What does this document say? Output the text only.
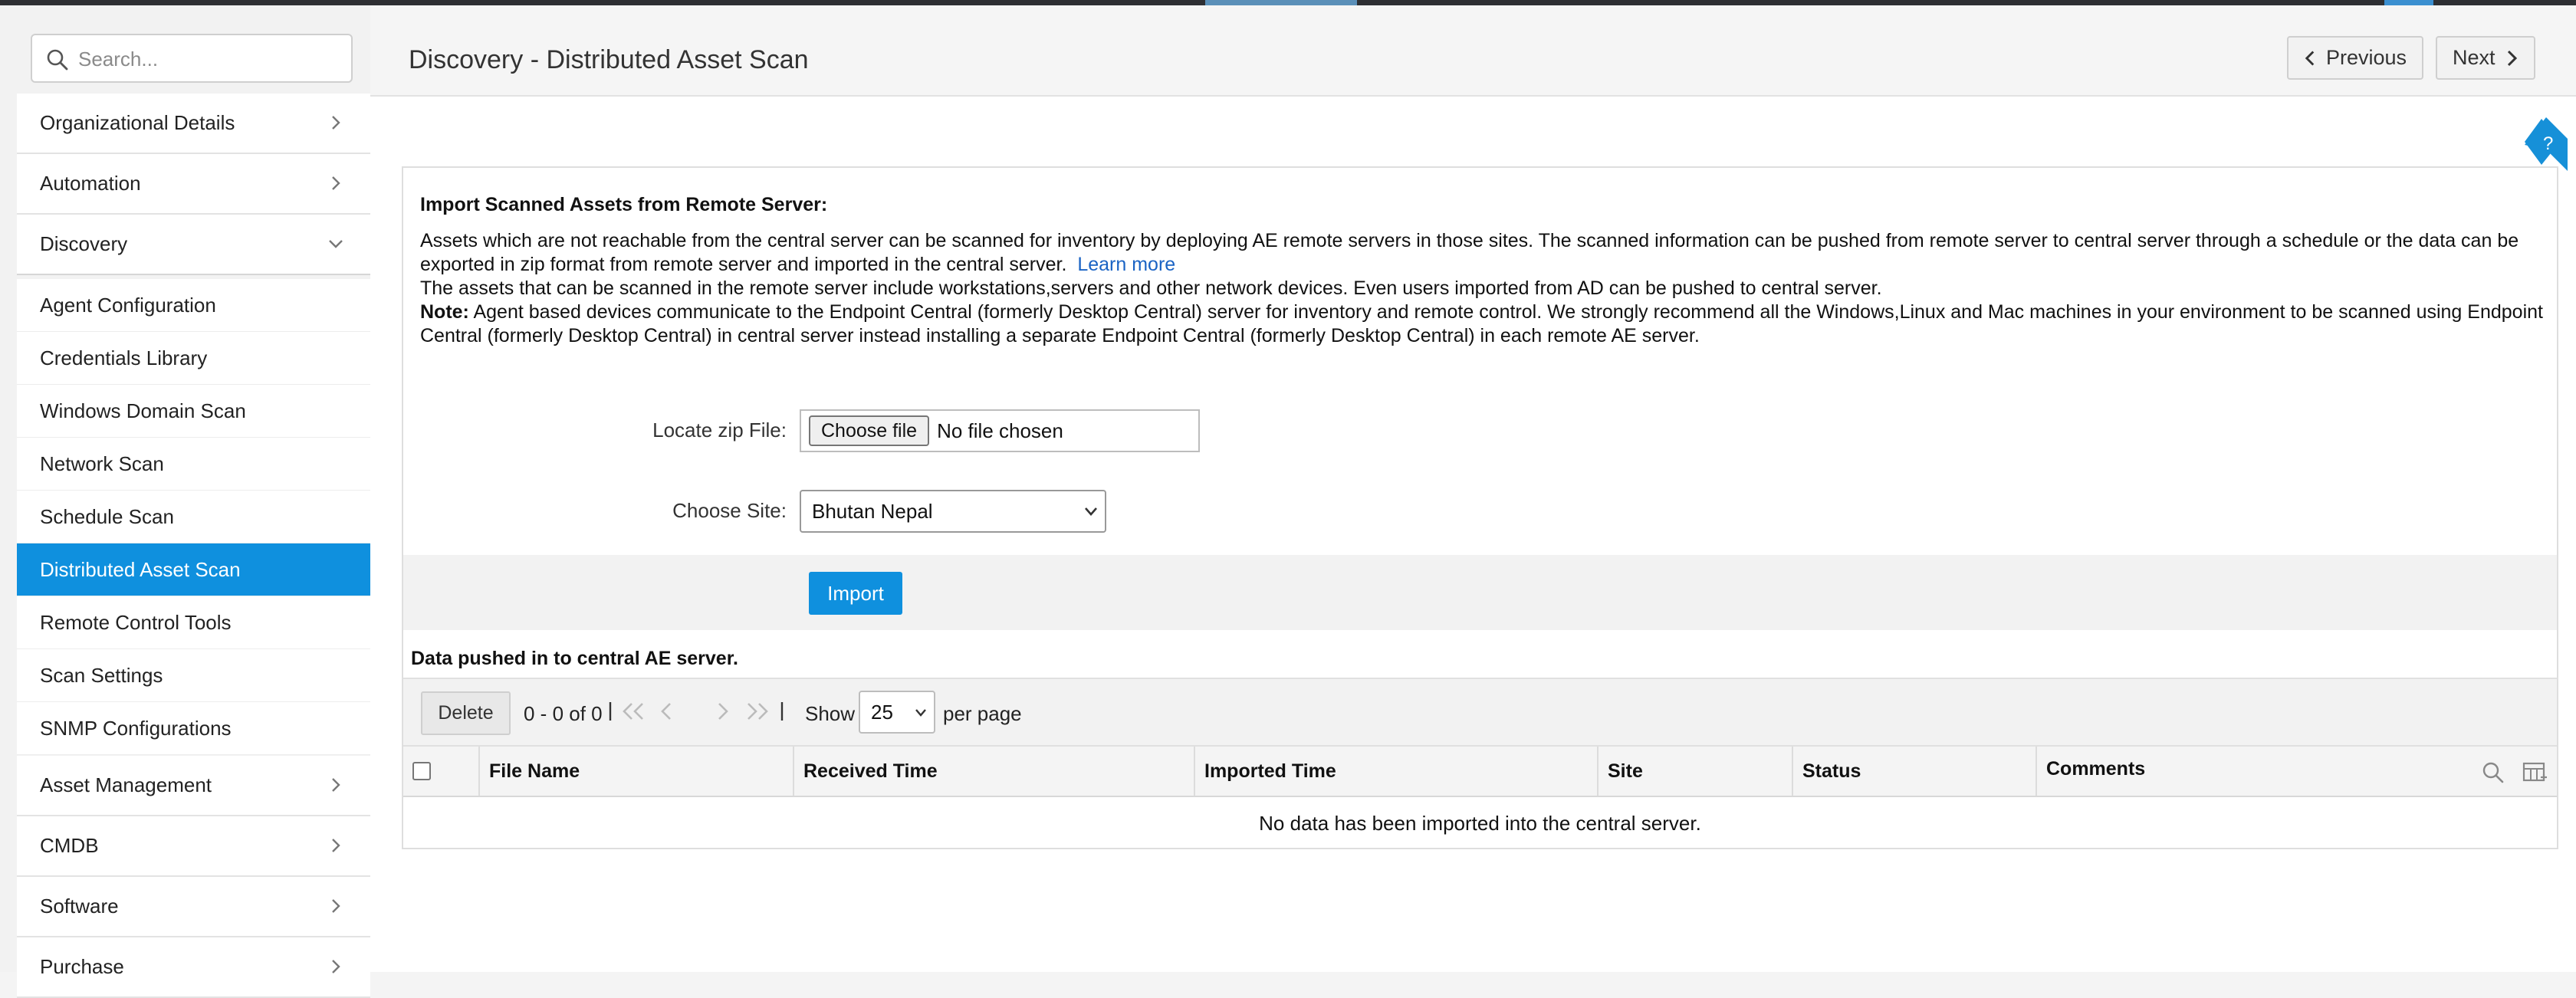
Search...
Organizational Details
Automation
Discovery
Agent Configuration
Credentials Library
Windows Domain Scan
Network Scan
Schedule Scan
Distributed Asset Scan
Remote Control Tools
Scan Settings
SNMP Configurations
Asset Management
CMDB
Software
Purchase
Discovery - Distributed Asset Scan	Previous Next
?
Import Scanned Assets from Remote Server:
Assets which are not reachable from the central server can be scanned for inventory by deploying AE remote servers in those sites. The scanned information can be pushed from remote server to central server through a schedule or the data can be exported in zip format from remote server and imported in the central server. Learn more
The assets that can be scanned in the remote server include workstations,servers and other network devices. Even users imported from AD can be pushed to central server.
Note: Agent based devices communicate to the Endpoint Central (formerly Desktop Central) server for inventory and remote control. We strongly recommend all the Windows,Linux and Mac machines in your environment to be scanned using Endpoint Central (formerly Desktop Central) in central server instead installing a separate Endpoint Central (formerly Desktop Central) in each remote AE server.
Locate zip File:	Choose file	No file chosen
Choose Site: Bhutan Nepal
Import
Data pushed in to central AE server.
Delete	0 - 0 of 0	Show 25	per page
File Name	Received Time	Imported Time	Site	Status	Comments
No data has been imported into the central server.
